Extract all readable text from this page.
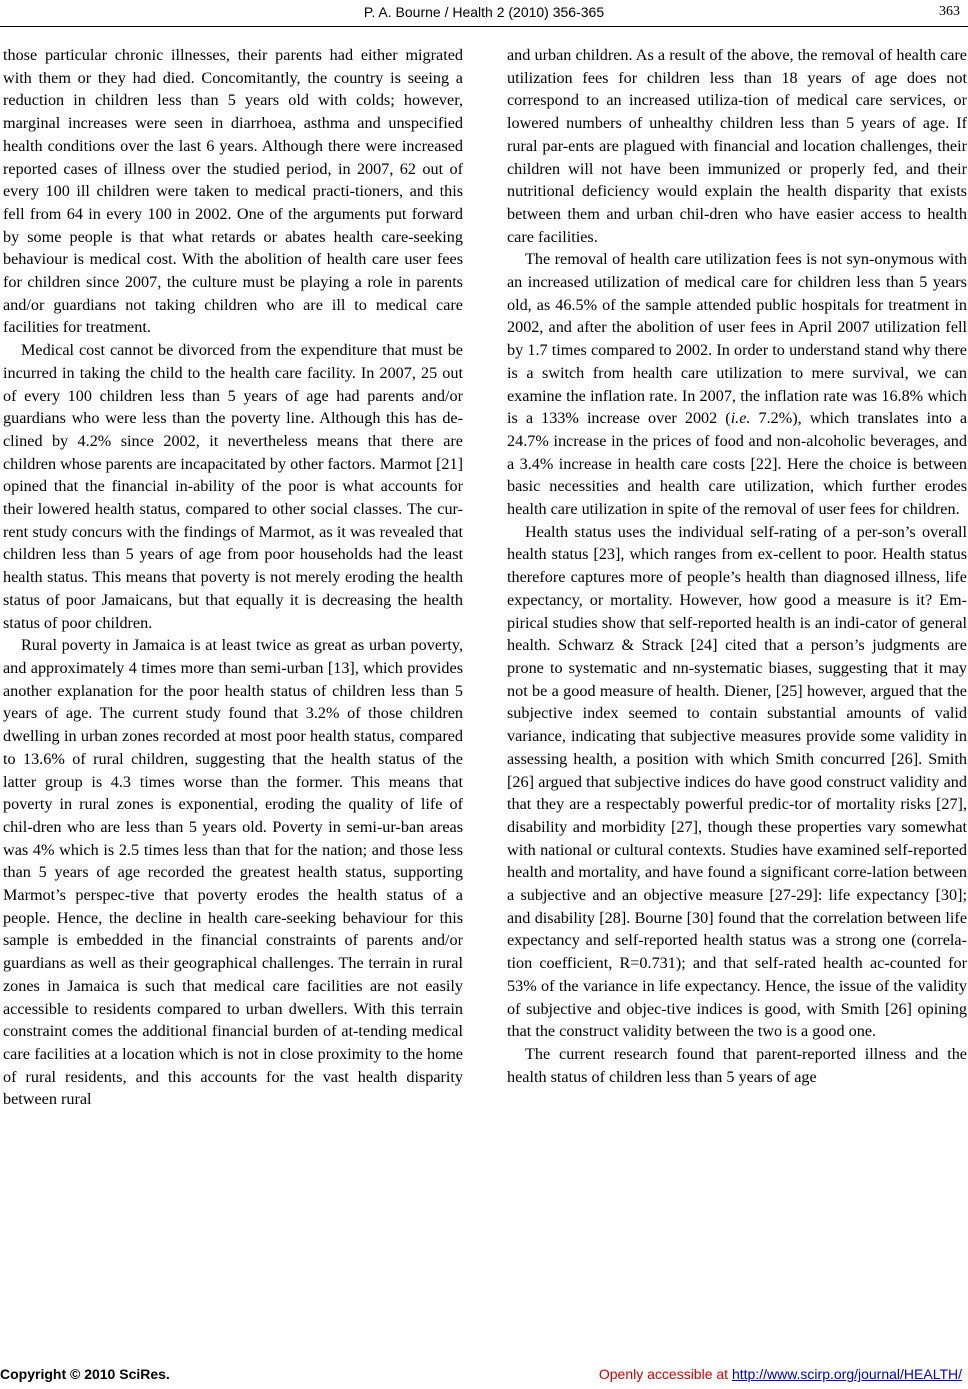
P. A. Bourne / Health 2 (2010) 356-365	363

those particular chronic illnesses, their parents had either migrated with them or they had died. Concomitantly, the country is seeing a reduction in children less than 5 years old with colds; however, marginal increases were seen in diarrhoea, asthma and unspecified health conditions over the last 6 years. Although there were increased reported cases of illness over the studied period, in 2007, 62 out of every 100 ill children were taken to medical practi-tioners, and this fell from 64 in every 100 in 2002. One of the arguments put forward by some people is that what retards or abates health care-seeking behaviour is medical cost. With the abolition of health care user fees for children since 2007, the culture must be playing a role in parents and/or guardians not taking children who are ill to medical care facilities for treatment.

Medical cost cannot be divorced from the expenditure that must be incurred in taking the child to the health care facility. In 2007, 25 out of every 100 children less than 5 years of age had parents and/or guardians who were less than the poverty line. Although this has de-clined by 4.2% since 2002, it nevertheless means that there are children whose parents are incapacitated by other factors. Marmot [21] opined that the financial in-ability of the poor is what accounts for their lowered health status, compared to other social classes. The cur-rent study concurs with the findings of Marmot, as it was revealed that children less than 5 years of age from poor households had the least health status. This means that poverty is not merely eroding the health status of poor Jamaicans, but that equally it is decreasing the health status of poor children.

Rural poverty in Jamaica is at least twice as great as urban poverty, and approximately 4 times more than semi-urban [13], which provides another explanation for the poor health status of children less than 5 years of age. The current study found that 3.2% of those children dwelling in urban zones recorded at most poor health status, compared to 13.6% of rural children, suggesting that the health status of the latter group is 4.3 times worse than the former. This means that poverty in rural zones is exponential, eroding the quality of life of chil-dren who are less than 5 years old. Poverty in semi-ur-ban areas was 4% which is 2.5 times less than that for the nation; and those less than 5 years of age recorded the greatest health status, supporting Marmot’s perspec-tive that poverty erodes the health status of a people. Hence, the decline in health care-seeking behaviour for this sample is embedded in the financial constraints of parents and/or guardians as well as their geographical challenges. The terrain in rural zones in Jamaica is such that medical care facilities are not easily accessible to residents compared to urban dwellers. With this terrain constraint comes the additional financial burden of at-tending medical care facilities at a location which is not in close proximity to the home of rural residents, and this accounts for the vast health disparity between rural

and urban children. As a result of the above, the removal of health care utilization fees for children less than 18 years of age does not correspond to an increased utiliza-tion of medical care services, or lowered numbers of unhealthy children less than 5 years of age. If rural par-ents are plagued with financial and location challenges, their children will not have been immunized or properly fed, and their nutritional deficiency would explain the health disparity that exists between them and urban chil-dren who have easier access to health care facilities.

The removal of health care utilization fees is not syn-onymous with an increased utilization of medical care for children less than 5 years old, as 46.5% of the sample attended public hospitals for treatment in 2002, and after the abolition of user fees in April 2007 utilization fell by 1.7 times compared to 2002. In order to understand stand why there is a switch from health care utilization to mere survival, we can examine the inflation rate. In 2007, the inflation rate was 16.8% which is a 133% increase over 2002 (i.e. 7.2%), which translates into a 24.7% increase in the prices of food and non-alcoholic beverages, and a 3.4% increase in health care costs [22]. Here the choice is between basic necessities and health care utilization, which further erodes health care utilization in spite of the removal of user fees for children.

Health status uses the individual self-rating of a per-son’s overall health status [23], which ranges from ex-cellent to poor. Health status therefore captures more of people’s health than diagnosed illness, life expectancy, or mortality. However, how good a measure is it? Em-pirical studies show that self-reported health is an indi-cator of general health. Schwarz & Strack [24] cited that a person’s judgments are prone to systematic and nn-systematic biases, suggesting that it may not be a good measure of health. Diener, [25] however, argued that the subjective index seemed to contain substantial amounts of valid variance, indicating that subjective measures provide some validity in assessing health, a position with which Smith concurred [26]. Smith [26] argued that subjective indices do have good construct validity and that they are a respectably powerful predic-tor of mortality risks [27], disability and morbidity [27], though these properties vary somewhat with national or cultural contexts. Studies have examined self-reported health and mortality, and have found a significant corre-lation between a subjective and an objective measure [27-29]: life expectancy [30]; and disability [28]. Bourne [30] found that the correlation between life expectancy and self-reported health status was a strong one (correla-tion coefficient, R=0.731); and that self-rated health ac-counted for 53% of the variance in life expectancy. Hence, the issue of the validity of subjective and objec-tive indices is good, with Smith [26] opining that the construct validity between the two is a good one.

The current research found that parent-reported illness and the health status of children less than 5 years of age

Copyright © 2010 SciRes.	Openly accessible at http://www.scirp.org/journal/HEALTH/
